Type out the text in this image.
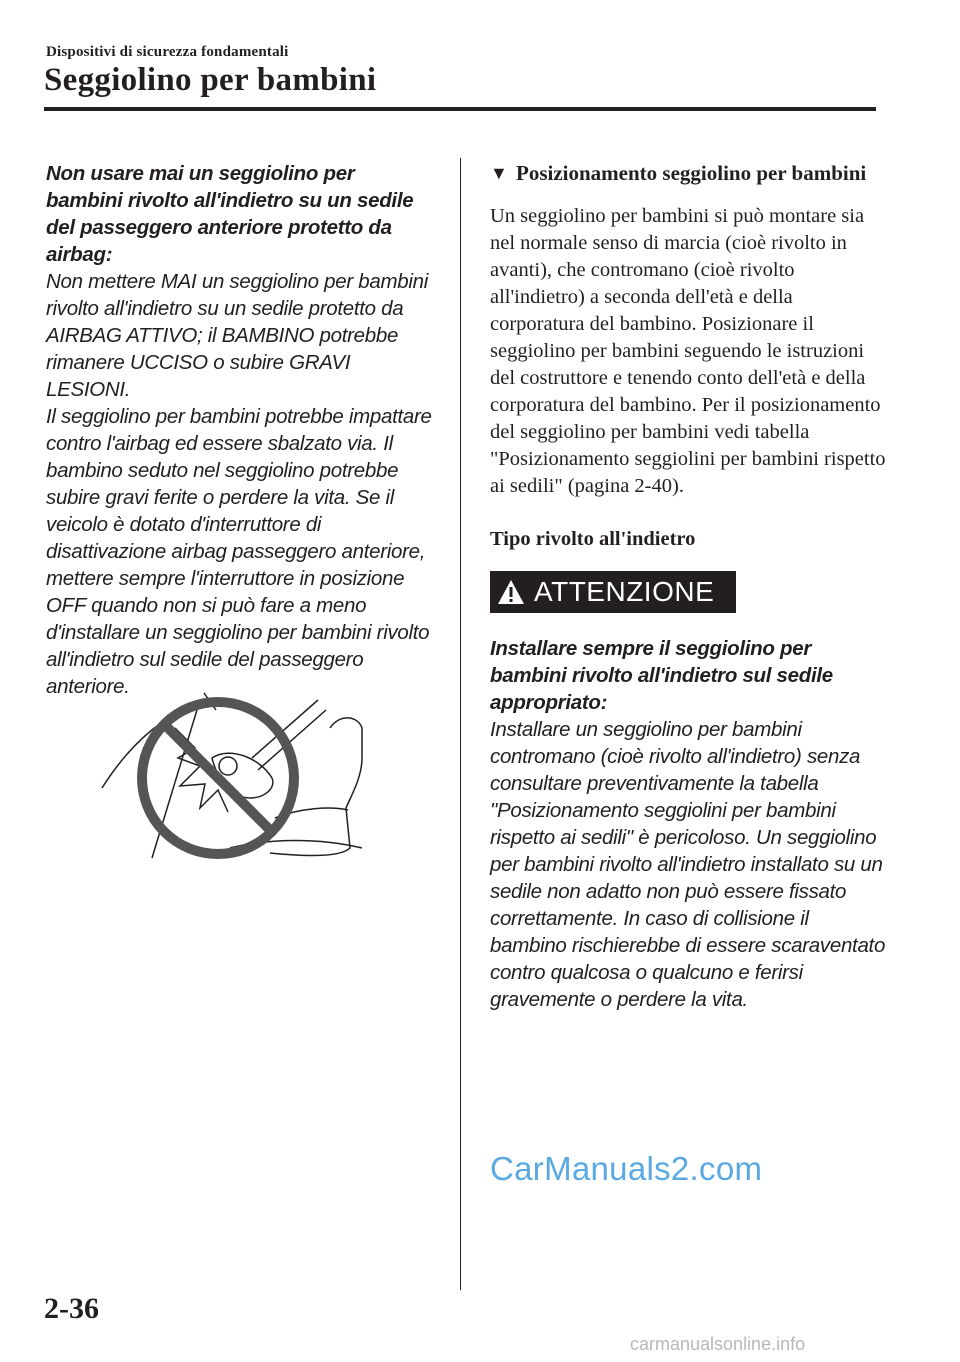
Dispositivi di sicurezza fondamentali
Seggiolino per bambini

Non usare mai un seggiolino per bambini rivolto all'indietro su un sedile del passeggero anteriore protetto da airbag:

Non mettere MAI un seggiolino per bambini rivolto all'indietro su un sedile protetto da AIRBAG ATTIVO; il BAMBINO potrebbe rimanere UCCISO o subire GRAVI LESIONI.

Il seggiolino per bambini potrebbe impattare contro l'airbag ed essere sbalzato via. Il bambino seduto nel seggiolino potrebbe subire gravi ferite o perdere la vita. Se il veicolo è dotato d'interruttore di disattivazione airbag passeggero anteriore, mettere sempre l'interruttore in posizione OFF quando non si può fare a meno d'installare un seggiolino per bambini rivolto all'indietro sul sedile del passeggero anteriore.

▼ Posizionamento seggiolino per bambini

Un seggiolino per bambini si può montare sia nel normale senso di marcia (cioè rivolto in avanti), che contromano (cioè rivolto all'indietro) a seconda dell'età e della corporatura del bambino. Posizionare il seggiolino per bambini seguendo le istruzioni del costruttore e tenendo conto dell'età e della corporatura del bambino. Per il posizionamento del seggiolino per bambini vedi tabella "Posizionamento seggiolini per bambini rispetto ai sedili" (pagina 2-40).

Tipo rivolto all'indietro

ATTENZIONE

Installare sempre il seggiolino per bambini rivolto all'indietro sul sedile appropriato:

Installare un seggiolino per bambini contromano (cioè rivolto all'indietro) senza consultare preventivamente la tabella "Posizionamento seggiolini per bambini rispetto ai sedili" è pericoloso. Un seggiolino per bambini rivolto all'indietro installato su un sedile non adatto non può essere fissato correttamente. In caso di collisione il bambino rischierebbe di essere scaraventato contro qualcosa o qualcuno e ferirsi gravemente o perdere la vita.

CarManuals2.com
2-36
carmanualsonline.info
